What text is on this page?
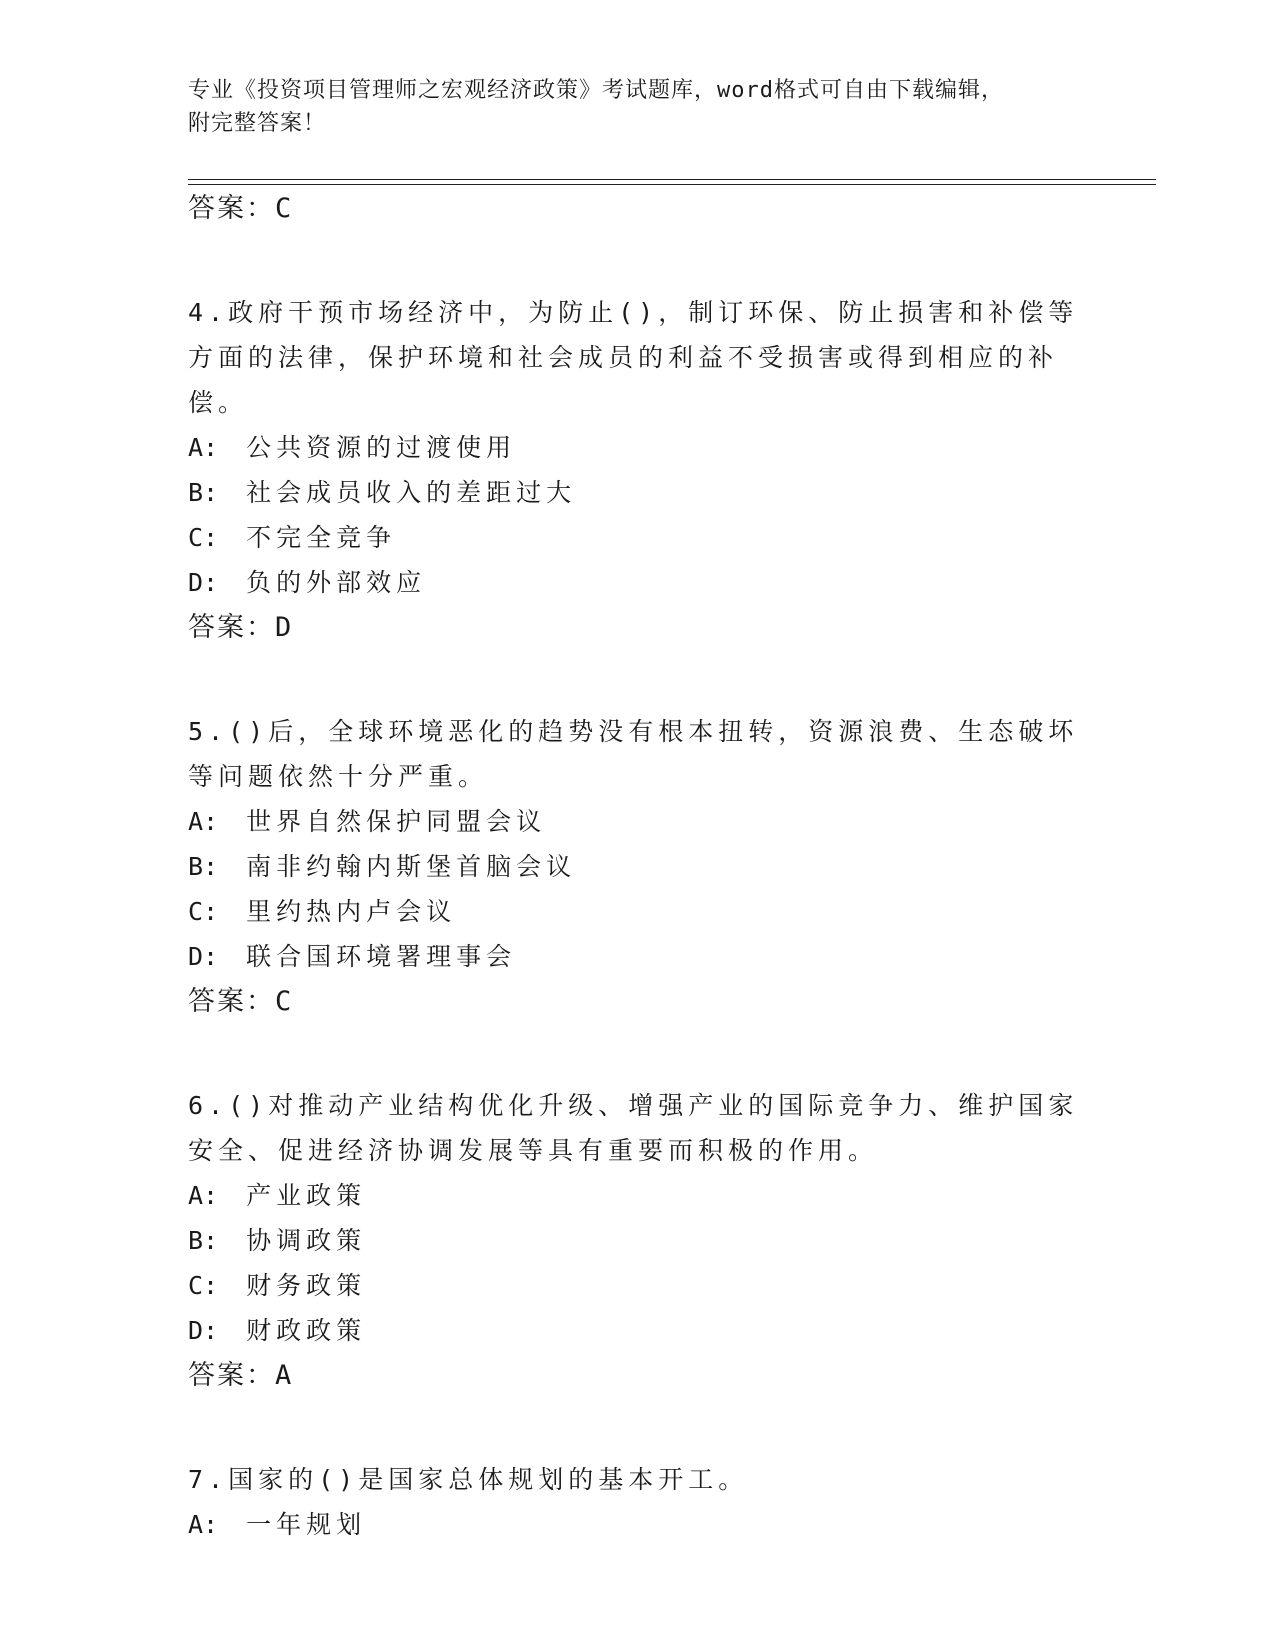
专业《投资项目管理师之宏观经济政策》考试题库，word格式可自由下载编辑，
附完整答案！
答案：C

4.政府干预市场经济中，为防止()，制订环保、防止损害和补偿等方面的法律，保护环境和社会成员的利益不受损害或得到相应的补偿。

A: 公共资源的过渡使用
B: 社会成员收入的差距过大
C: 不完全竞争
D: 负的外部效应
答案：D

5.()后，全球环境恶化的趋势没有根本扭转，资源浪费、生态破坏等问题依然十分严重。

A: 世界自然保护同盟会议
B: 南非约翰内斯堡首脑会议
C: 里约热内卢会议
D: 联合国环境署理事会
答案：C

6.()对推动产业结构优化升级、增强产业的国际竞争力、维护国家安全、促进经济协调发展等具有重要而积极的作用。

A: 产业政策
B: 协调政策
C: 财务政策
D: 财政政策
答案：A

7.国家的()是国家总体规划的基本开工。

A: 一年规划
